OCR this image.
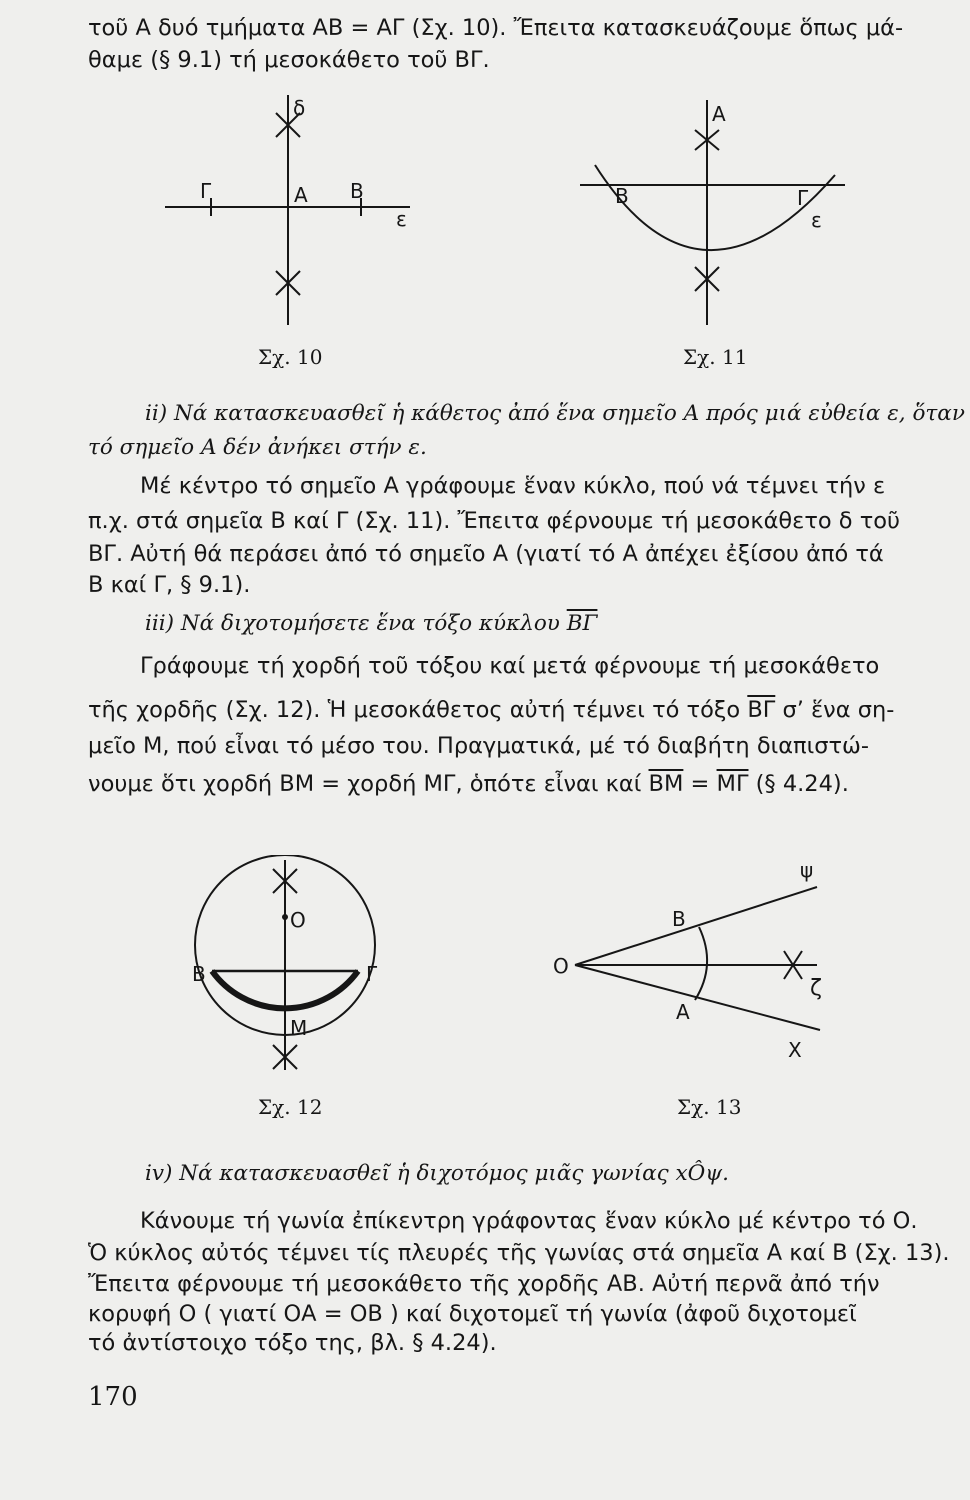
τοῦ Α δυό τμήματα ΑΒ = ΑΓ (Σχ. 10). Ἔπειτα κατασκευάζουμε ὅπως μά-
θαμε (§ 9.1) τή μεσοκάθετο τοῦ ΒΓ.
δ
Γ	Α Β
ε
Σχ. 10
Α
Β	Γ
ε
Σχ. 11
ii) Νά κατασκευασθεῖ ἡ κάθετος ἀπό ἕνα σημεῖο Α πρός μιά εὐθεία ε, ὅταν
τό σημεῖο Α δέν ἀνήκει στήν ε.
Μέ κέντρο τό σημεῖο Α γράφουμε ἕναν κύκλο, πού νά τέμνει τήν ε
π.χ. στά σημεῖα Β καί Γ (Σχ. 11). Ἔπειτα φέρνουμε τή μεσοκάθετο δ τοῦ
ΒΓ. Αὐτή θά περάσει ἀπό τό σημεῖο Α (γιατί τό Α ἀπέχει ἐξίσου ἀπό τά
Β καί Γ, § 9.1).
iii) Νά διχοτομήσετε ἕνα τόξο κύκλου $\overline{B\Gamma}$
Γράφουμε τή χορδή τοῦ τόξου καί μετά φέρνουμε τή μεσοκάθετο
τῆς χορδῆς (Σχ. 12). Ἡ μεσοκάθετος αὐτή τέμνει τό τόξο $\overline{B\Gamma}$ σ’ ἕνα ση-
μεῖο Μ, πού εἶναι τό μέσο του. Πραγματικά, μέ τό διαβήτη διαπιστώ-
νουμε ὅτι χορδή ΒΜ = χορδή ΜΓ, ὁπότε εἶναι καί $\overline{BM} = \overline{M\Gamma}$ (§ 4.24).
Ο
Β	Γ
Μ
Σχ. 12
Ο
ψ
Β
ζ
Α
Χ
Σχ. 13
iv) Νά κατασκευασθεῖ ἡ διχοτόμος μιᾶς γωνίας xÔψ.
Κάνουμε τή γωνία ἐπίκεντρη γράφοντας ἕναν κύκλο μέ κέντρο τό Ο.
Ὁ κύκλος αὐτός τέμνει τίς πλευρές τῆς γωνίας στά σημεῖα Α καί Β (Σχ. 13).
Ἔπειτα φέρνουμε τή μεσοκάθετο τῆς χορδῆς ΑΒ. Αὐτή περνᾶ ἀπό τήν
κορυφή Ο ( γιατί ΟΑ = ΟΒ ) καί διχοτομεῖ τή γωνία (ἀφοῦ διχοτομεῖ
τό ἀντίστοιχο τόξο της, βλ. § 4.24).
170
